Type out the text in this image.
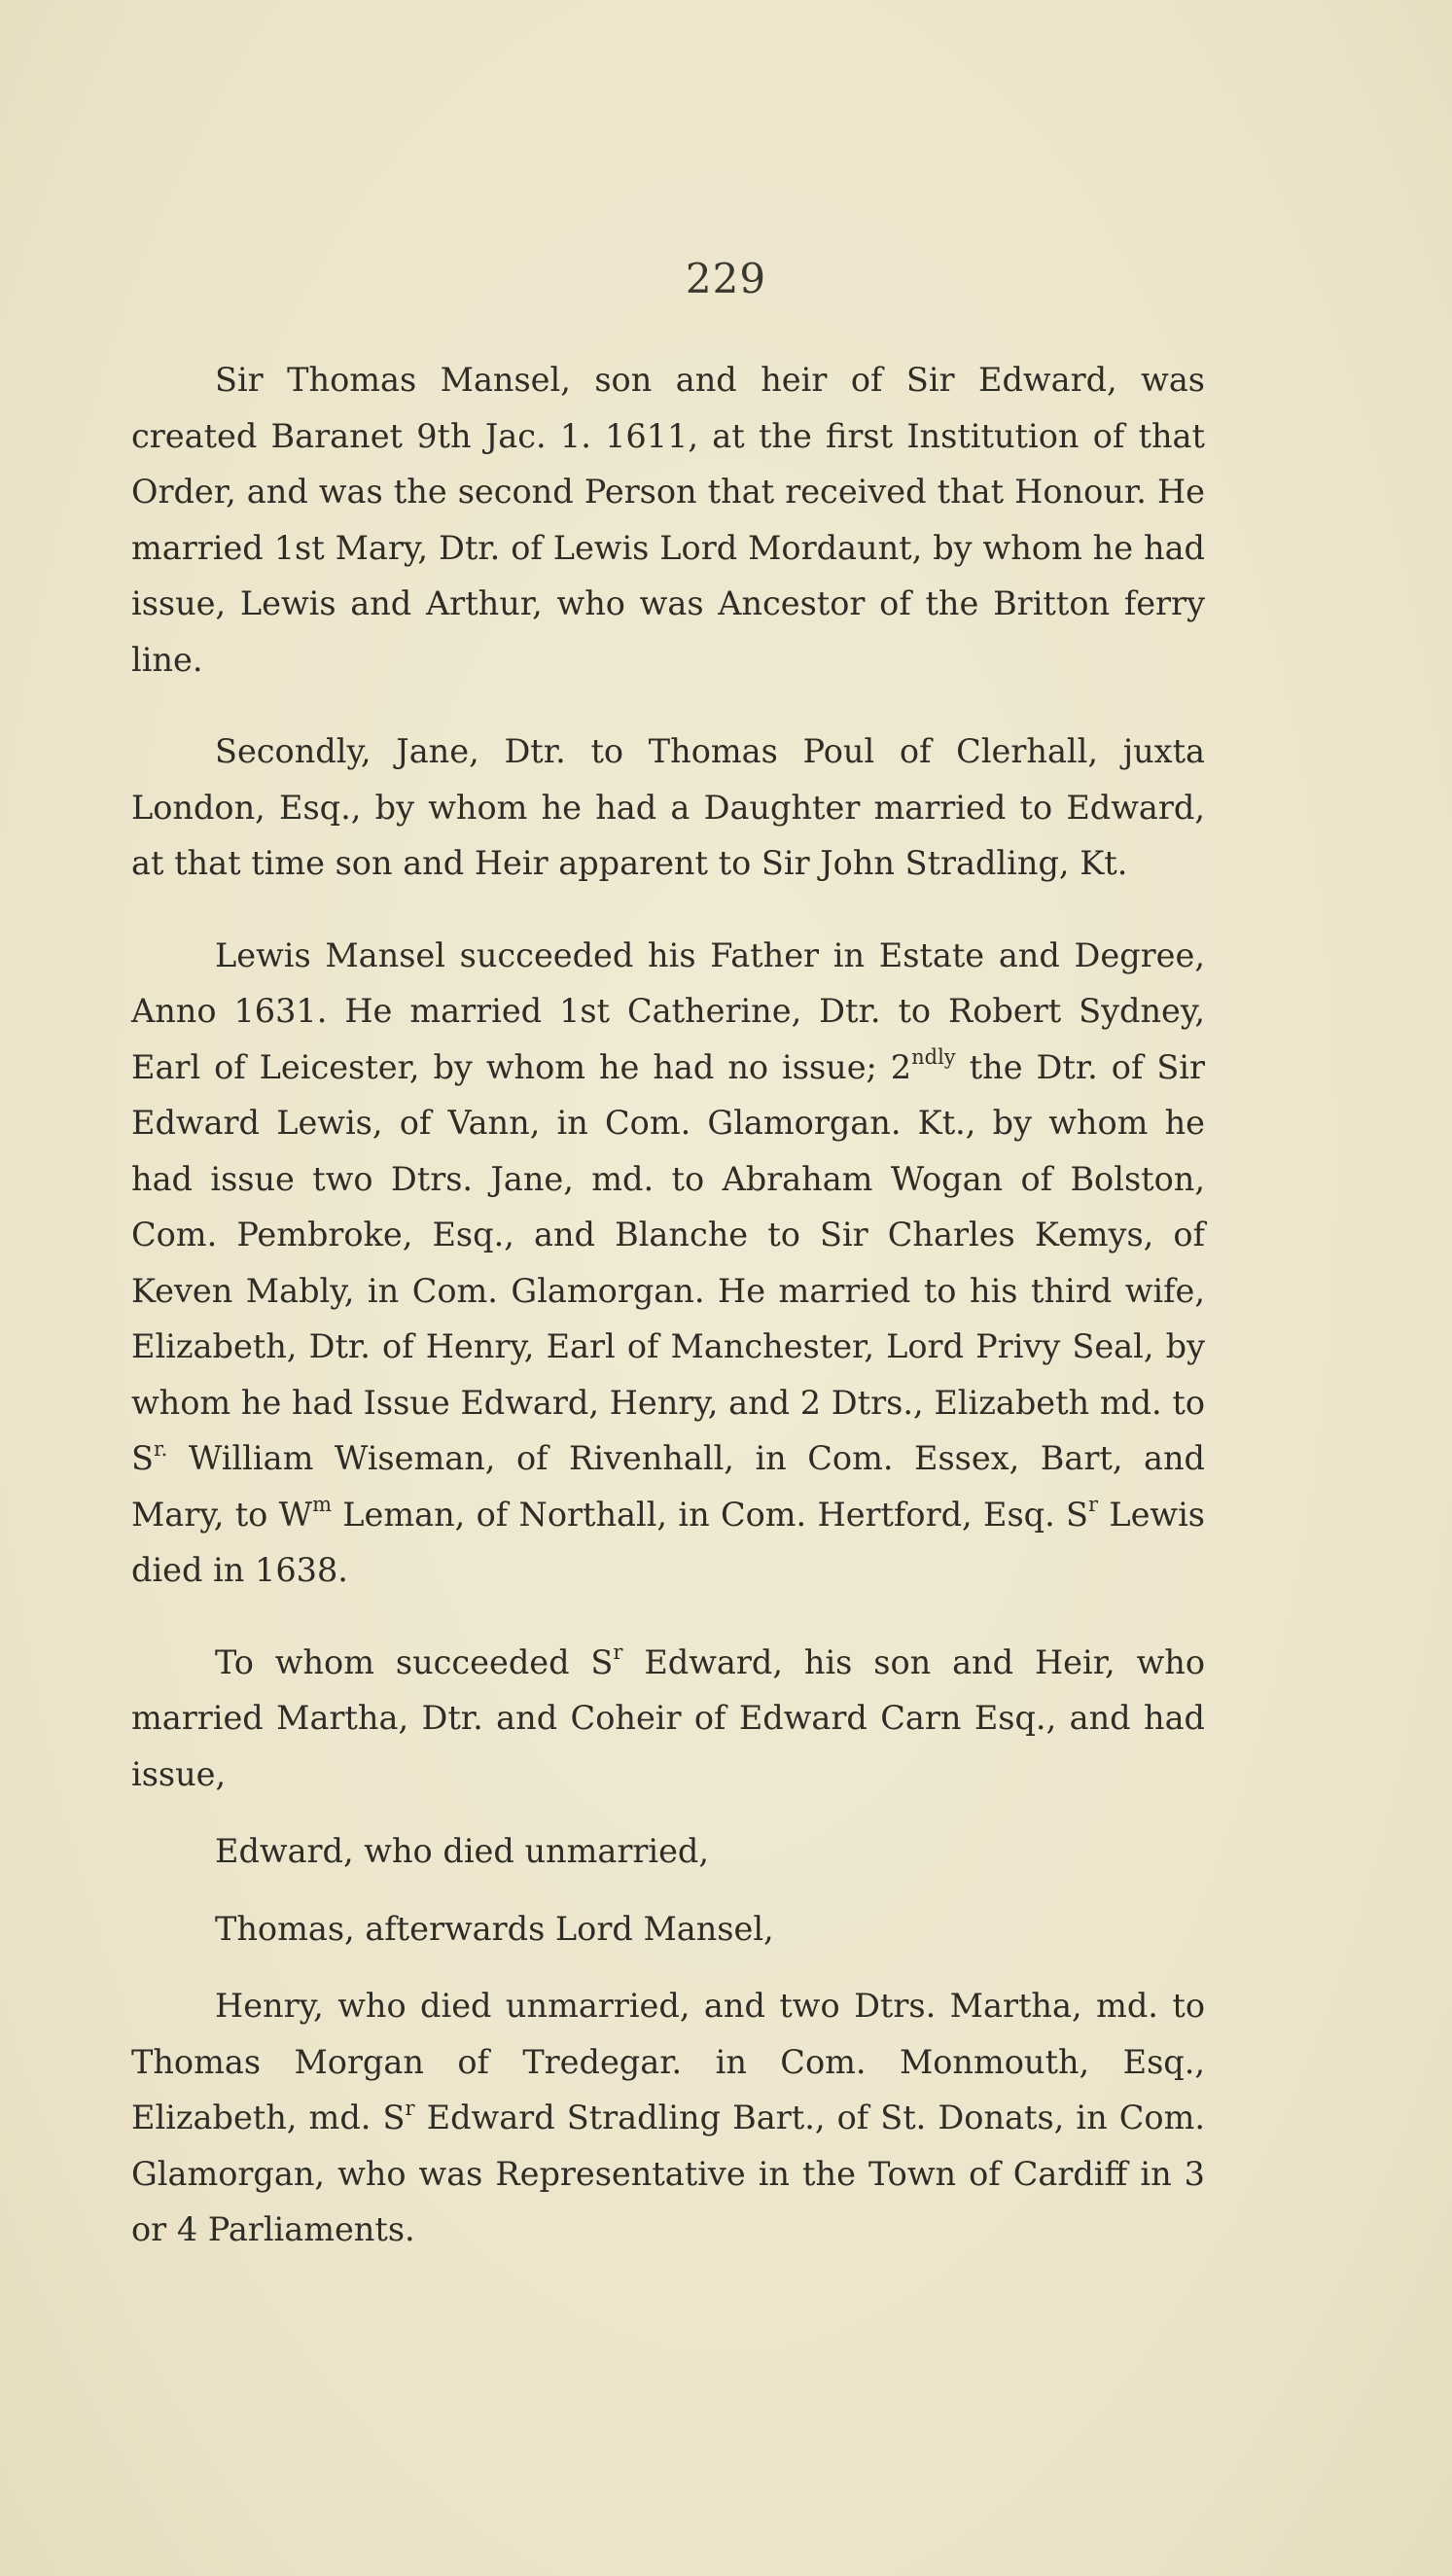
229

Sir Thomas Mansel, son and heir of Sir Edward, was created Baranet 9th Jac. 1. 1611, at the first Institution of that Order, and was the second Person that received that Honour. He married 1st Mary, Dtr. of Lewis Lord Mordaunt, by whom he had issue, Lewis and Arthur, who was Ancestor of the Britton ferry line.

Secondly, Jane, Dtr. to Thomas Poul of Clerhall, juxta London, Esq., by whom he had a Daughter married to Edward, at that time son and Heir apparent to Sir John Stradling, Kt.

Lewis Mansel succeeded his Father in Estate and Degree, Anno 1631. He married 1st Catherine, Dtr. to Robert Sydney, Earl of Leicester, by whom he had no issue; $2^{ndly}$ the Dtr. of Sir Edward Lewis, of Vann, in Com. Glamorgan. Kt., by whom he had issue two Dtrs. Jane, md. to Abraham Wogan of Bolston, Com. Pembroke, Esq., and Blanche to Sir Charles Kemys, of Keven Mably, in Com. Glamorgan. He married to his third wife, Elizabeth, Dtr. of Henry, Earl of Manchester, Lord Privy Seal, by whom he had Issue Edward, Henry, and 2 Dtrs., Elizabeth md. to $S^{r.}$ William Wiseman, of Rivenhall, in Com. Essex, Bart, and Mary, to $W^m$ Leman, of Northall, in Com. Hertford, Esq. $S^r$ Lewis died in 1638.

To whom succeeded $S^r$ Edward, his son and Heir, who married Martha, Dtr. and Coheir of Edward Carn Esq., and had issue,

Edward, who died unmarried,

Thomas, afterwards Lord Mansel,

Henry, who died unmarried, and two Dtrs. Martha, md. to Thomas Morgan of Tredegar. in Com. Monmouth, Esq., Elizabeth, md. $S^r$ Edward Stradling Bart., of St. Donats, in Com. Glamorgan, who was Representative in the Town of Cardiff in 3 or 4 Parliaments.
